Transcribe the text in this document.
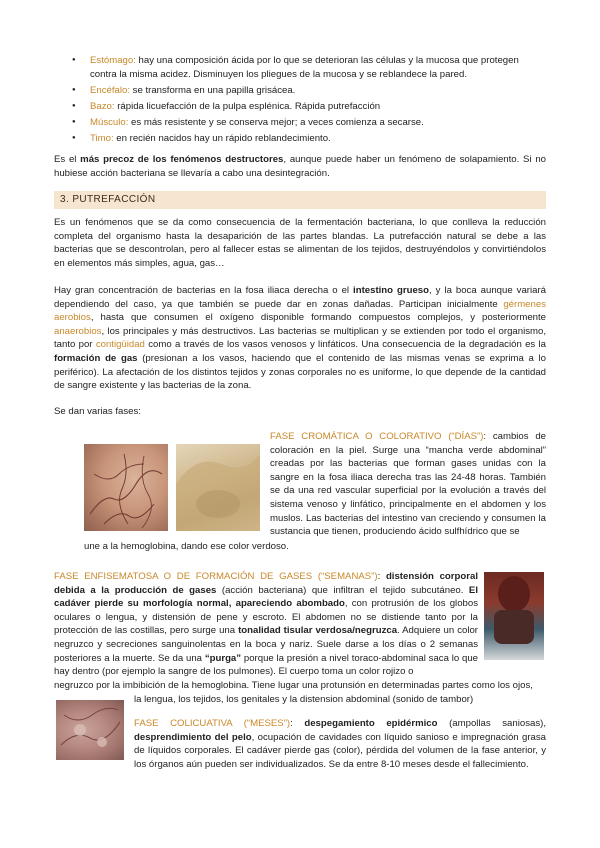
● Estómago: hay una composición ácida por lo que se deterioran las células y la mucosa que protegen contra la misma acidez. Disminuyen los pliegues de la mucosa y se reblandece la pared.
● Encéfalo: se transforma en una papilla grisácea.
● Bazo: rápida licuefacción de la pulpa esplénica. Rápida putrefacción
● Músculo: es más resistente y se conserva mejor; a veces comienza a secarse.
● Timo: en recién nacidos hay un rápido reblandecimiento.

Es el más precoz de los fenómenos destructores, aunque puede haber un fenómeno de solapamiento. Si no hubiese acción bacteriana se llevaría a cabo una desintegración.

3. PUTREFACCIÓN

Es un fenómenos que se da como consecuencia de la fermentación bacteriana, lo que conlleva la reducción completa del organismo hasta la desaparición de las partes blandas. La putrefacción natural se debe a las bacterias que se descontrolan, pero al fallecer estas se alimentan de los tejidos, destruyéndolos y convirtiéndolos en elementos más simples, agua, gas…

Hay gran concentración de bacterias en la fosa iliaca derecha o el intestino grueso, y la boca aunque variará dependiendo del caso, ya que también se puede dar en zonas dañadas. Participan inicialmente gérmenes aerobios, hasta que consumen el oxígeno disponible formando compuestos complejos, y posteriormente anaerobios, los principales y más destructivos. Las bacterias se multiplican y se extienden por todo el organismo, tanto por contigüidad como a través de los vasos venosos y linfáticos. Una consecuencia de la degradación es la formación de gas (presionan a los vasos, haciendo que el contenido de las mismas venas se exprima a lo periférico). La afectación de los distintos tejidos y zonas corporales no es uniforme, lo que depende de la cantidad de sangre existente y las bacterias de la zona.

Se dan varias fases:

FASE CROMÁTICA O COLORATIVO (“DÍAS”): cambios de coloración en la piel. Surge una “mancha verde abdominal” creadas por las bacterias que forman gases unidas con la sangre en la fosa iliaca derecha tras las 24-48 horas. También se da una red vascular superficial por la evolución a través del sistema venoso y linfático, principalmente en el abdomen y los muslos. Las bacterias del intestino van creciendo y consumen la sustancia que tienen, produciendo ácido sulfhídrico que se

une a la hemoglobina, dando ese color verdoso.

FASE ENFISEMATOSA O DE FORMACIÓN DE GASES (“SEMANAS”): distensión corporal debida a la producción de gases (acción bacteriana) que infiltran el tejido subcutáneo. El cadáver pierde su morfología normal, apareciendo abombado, con protrusión de los globos oculares o lengua, y distensión de pene y escroto. El abdomen no se distiende tanto por la protección de las costillas, pero surge una tonalidad tisular verdosa/negruzca. Adquiere un color negruzco y secreciones sanguinolentas en la boca y nariz. Suele darse a los días o 2 semanas posteriores a la muerte. Se da una “purga” porque la presión a nivel toraco-abdominal saca lo que hay dentro (por ejemplo la sangre de los pulmones). El cuerpo toma un color rojizo o

negruzco por la imbibición de la hemoglobina. Tiene lugar una protunsión en determinadas partes como los ojos,

la lengua, los tejidos, los genitales y la distension abdominal (sonido de tambor)

FASE COLICUATIVA (“MESES”): despegamiento epidérmico (ampollas saniosas), desprendimiento del pelo, ocupación de cavidades con líquido sanioso e impregnación grasa de líquidos corporales. El cadáver pierde gas (color), pérdida del volumen de la fase anterior, y los órganos aún pueden ser individualizados. Se da entre 8-10 meses desde el fallecimiento.
